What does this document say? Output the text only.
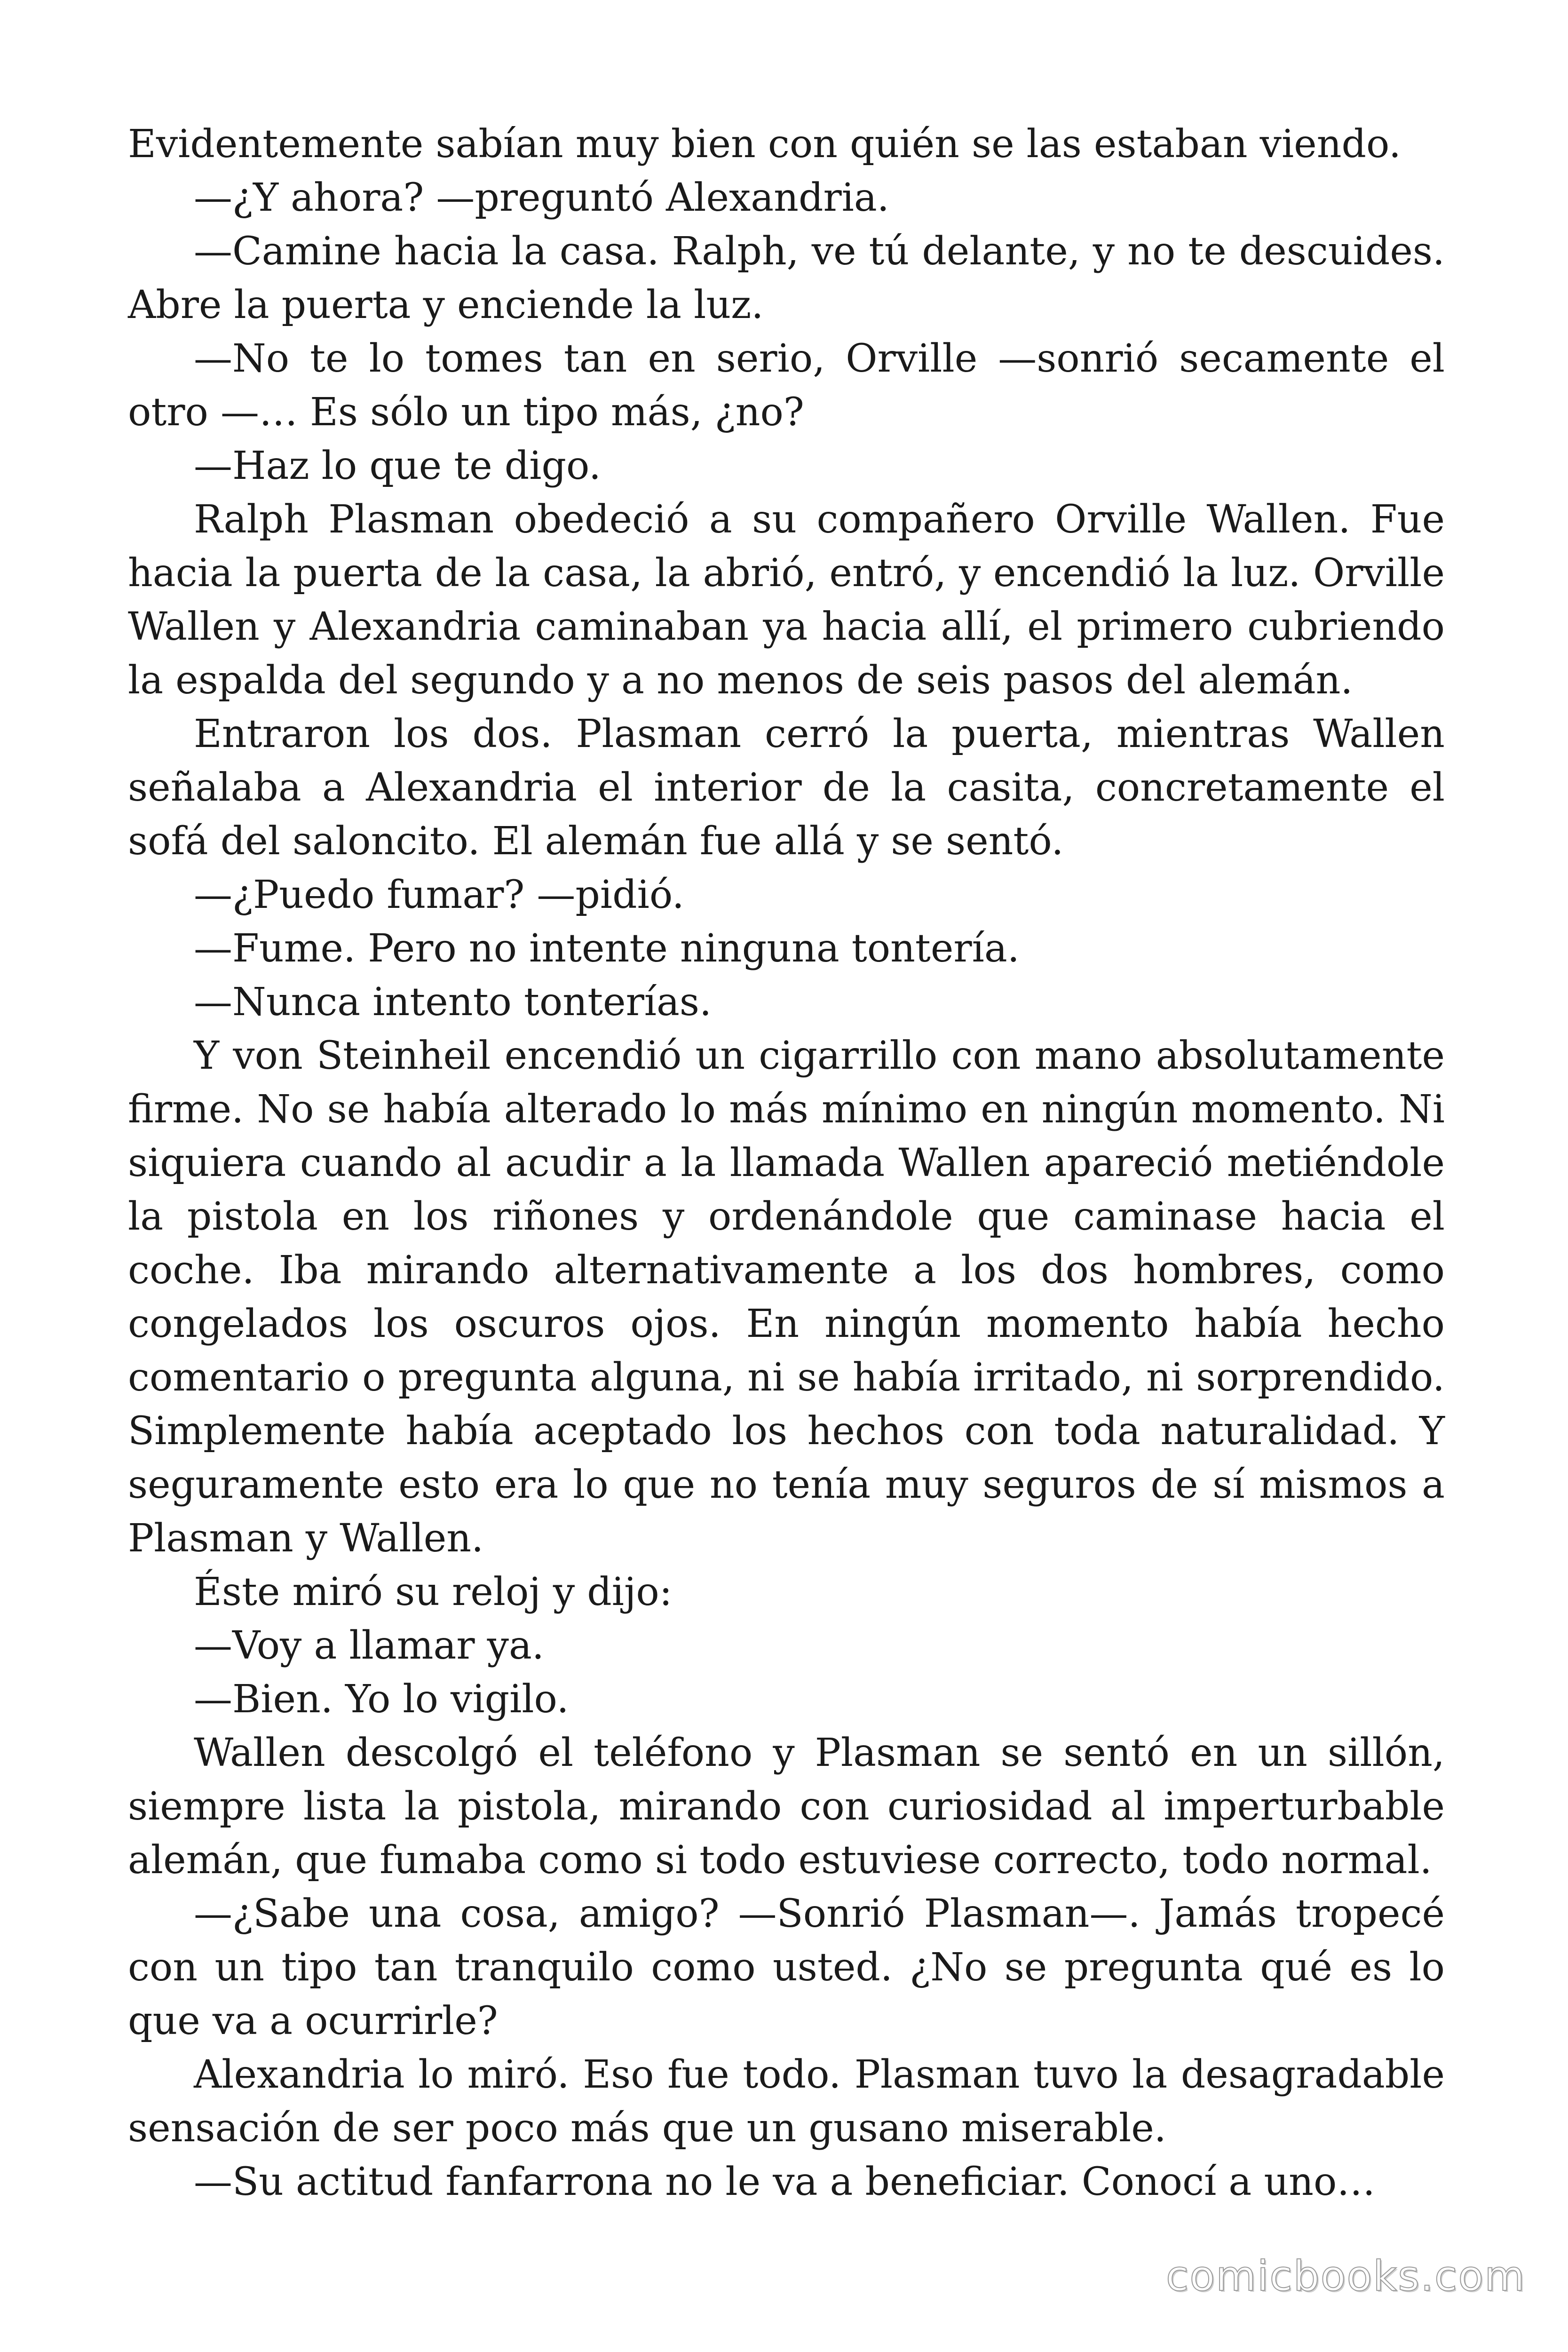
Evidentemente sabían muy bien con quién se las estaban viendo.

—¿Y ahora? —preguntó Alexandria.

—Camine hacia la casa. Ralph, ve tú delante, y no te descuides. Abre la puerta y enciende la luz.

—No te lo tomes tan en serio, Orville —sonrió secamente el otro —… Es sólo un tipo más, ¿no?

—Haz lo que te digo.

Ralph Plasman obedeció a su compañero Orville Wallen. Fue hacia la puerta de la casa, la abrió, entró, y encendió la luz. Orville Wallen y Alexandria caminaban ya hacia allí, el primero cubriendo la espalda del segundo y a no menos de seis pasos del alemán.

Entraron los dos. Plasman cerró la puerta, mientras Wallen señalaba a Alexandria el interior de la casita, concretamente el sofá del saloncito. El alemán fue allá y se sentó.

—¿Puedo fumar? —pidió.

—Fume. Pero no intente ninguna tontería.

—Nunca intento tonterías.

Y von Steinheil encendió un cigarrillo con mano absolutamente firme. No se había alterado lo más mínimo en ningún momento. Ni siquiera cuando al acudir a la llamada Wallen apareció metiéndole la pistola en los riñones y ordenándole que caminase hacia el coche. Iba mirando alternativamente a los dos hombres, como congelados los oscuros ojos. En ningún momento había hecho comentario o pregunta alguna, ni se había irritado, ni sorprendido. Simplemente había aceptado los hechos con toda naturalidad. Y seguramente esto era lo que no tenía muy seguros de sí mismos a Plasman y Wallen.

Éste miró su reloj y dijo:

—Voy a llamar ya.

—Bien. Yo lo vigilo.

Wallen descolgó el teléfono y Plasman se sentó en un sillón, siempre lista la pistola, mirando con curiosidad al imperturbable alemán, que fumaba como si todo estuviese correcto, todo normal.

—¿Sabe una cosa, amigo? —Sonrió Plasman—. Jamás tropecé con un tipo tan tranquilo como usted. ¿No se pregunta qué es lo que va a ocurrirle?

Alexandria lo miró. Eso fue todo. Plasman tuvo la desagradable sensación de ser poco más que un gusano miserable.

—Su actitud fanfarrona no le va a beneficiar. Conocí a uno…

comicbooks.com
